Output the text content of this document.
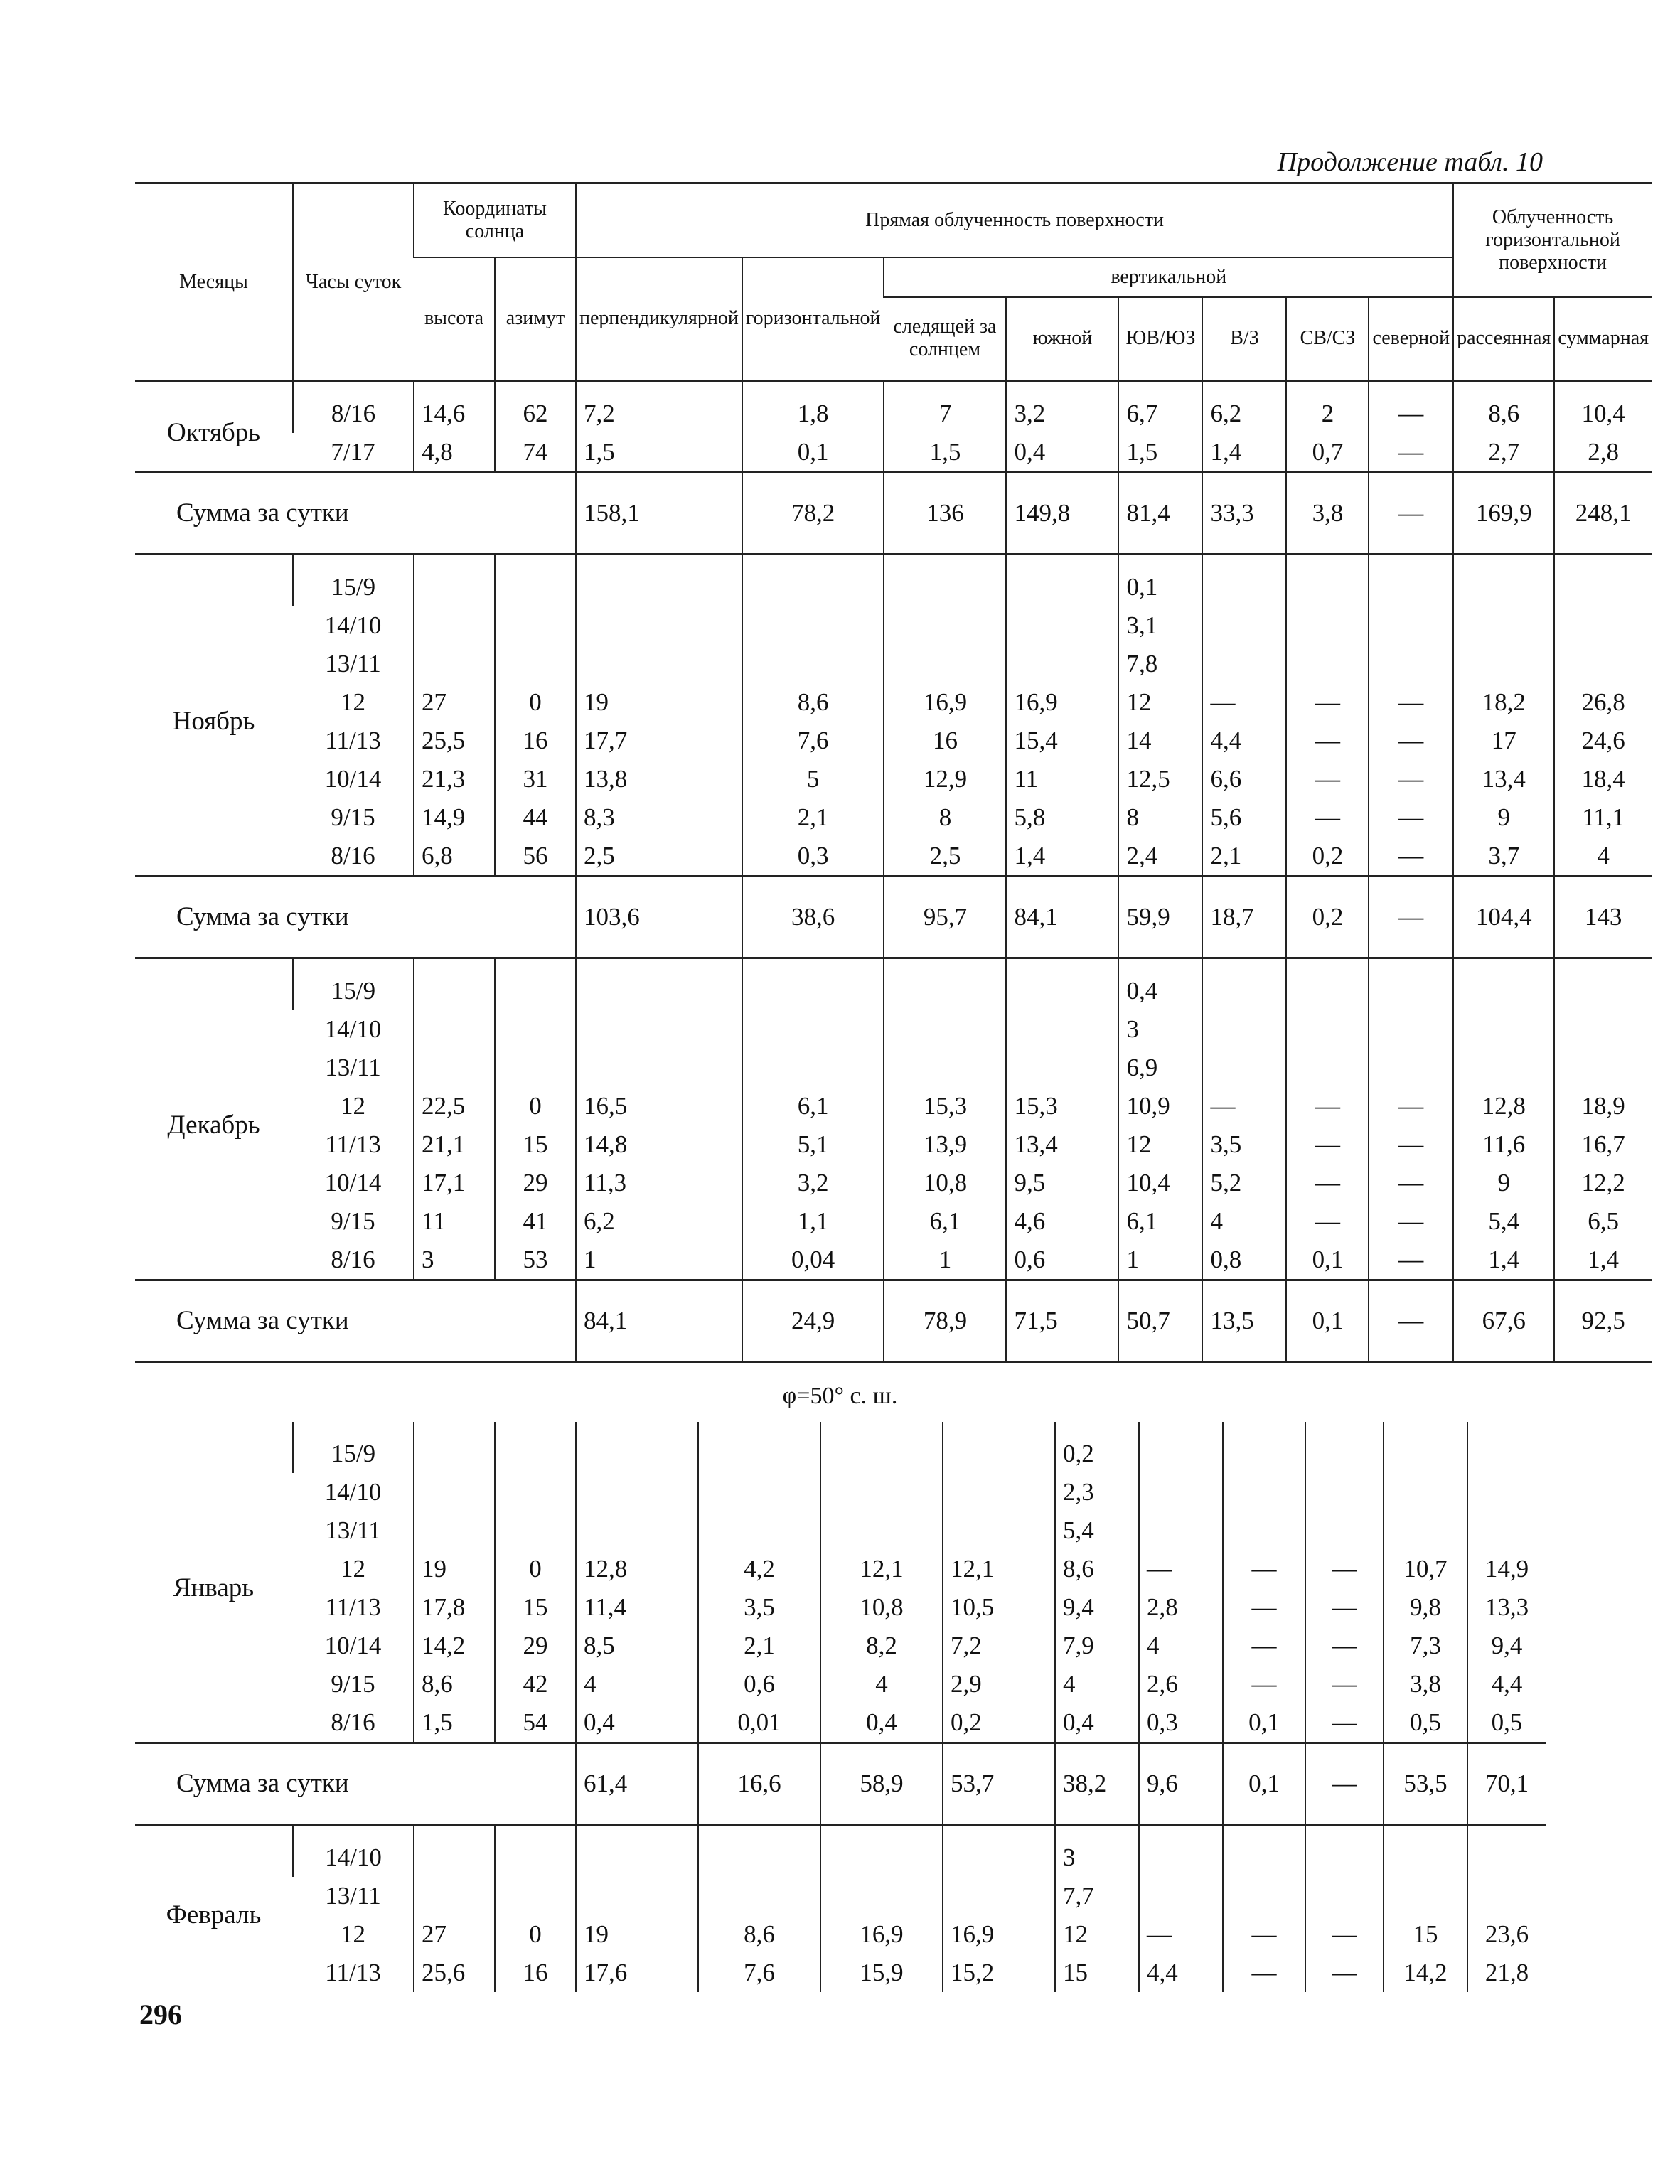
Продолжение табл. 10
Месяцы	Часы суток	Координаты солнца		Прямая облученность поверхности								Облученность горизонтальной поверхности	
		высота	азимут	перпендикулярной	горизонтальной	вертикальной							
						следящей за солнцем	южной	ЮВ/ЮЗ	В/З	СВ/СЗ	северной	рассеянная	суммарная
Октябрь	8/16	14,6	62	7,2	1,8	7	3,2	6,7	6,2	2	—	8,6	10,4
	7/17	4,8	74	1,5	0,1	1,5	0,4	1,5	1,4	0,7	—	2,7	2,8
Сумма за сутки				158,1	78,2	136	149,8	81,4	33,3	3,8	—	169,9	248,1
Ноябрь	15/9							0,1					
	14/10							3,1					
	13/11							7,8					
	12	27	0	19	8,6	16,9	16,9	12	—	—	—	18,2	26,8
	11/13	25,5	16	17,7	7,6	16	15,4	14	4,4	—	—	17	24,6
	10/14	21,3	31	13,8	5	12,9	11	12,5	6,6	—	—	13,4	18,4
	9/15	14,9	44	8,3	2,1	8	5,8	8	5,6	—	—	9	11,1
	8/16	6,8	56	2,5	0,3	2,5	1,4	2,4	2,1	0,2	—	3,7	4
Сумма за сутки				103,6	38,6	95,7	84,1	59,9	18,7	0,2	—	104,4	143
Декабрь	15/9							0,4					
	14/10							3					
	13/11							6,9					
	12	22,5	0	16,5	6,1	15,3	15,3	10,9	—	—	—	12,8	18,9
	11/13	21,1	15	14,8	5,1	13,9	13,4	12	3,5	—	—	11,6	16,7
	10/14	17,1	29	11,3	3,2	10,8	9,5	10,4	5,2	—	—	9	12,2
	9/15	11	41	6,2	1,1	6,1	4,6	6,1	4	—	—	5,4	6,5
	8/16	3	53	1	0,04	1	0,6	1	0,8	0,1	—	1,4	1,4
Сумма за сутки				84,1	24,9	78,9	71,5	50,7	13,5	0,1	—	67,6	92,5
φ=50° с. ш.
Январь	15/9							0,2					
	14/10							2,3					
	13/11							5,4					
	12	19	0	12,8	4,2	12,1	12,1	8,6	—	—	—	10,7	14,9
	11/13	17,8	15	11,4	3,5	10,8	10,5	9,4	2,8	—	—	9,8	13,3
	10/14	14,2	29	8,5	2,1	8,2	7,2	7,9	4	—	—	7,3	9,4
	9/15	8,6	42	4	0,6	4	2,9	4	2,6	—	—	3,8	4,4
	8/16	1,5	54	0,4	0,01	0,4	0,2	0,4	0,3	0,1	—	0,5	0,5
Сумма за сутки				61,4	16,6	58,9	53,7	38,2	9,6	0,1	—	53,5	70,1
Февраль	14/10							3					
	13/11							7,7					
	12	27	0	19	8,6	16,9	16,9	12	—	—	—	15	23,6
	11/13	25,6	16	17,6	7,6	15,9	15,2	15	4,4	—	—	14,2	21,8
296
